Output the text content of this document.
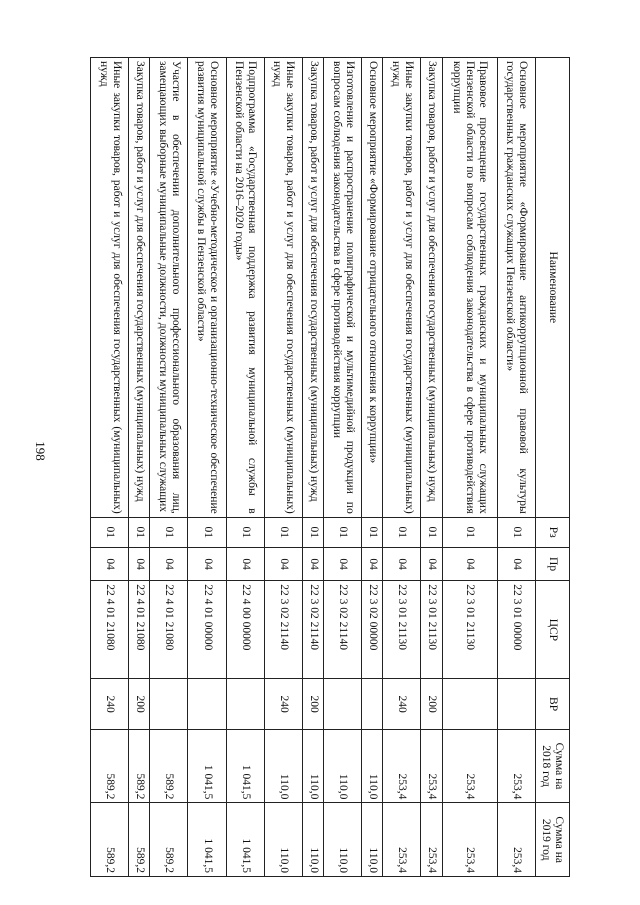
198
Наименование	Рз	Пр	ЦСР	ВР	Сумма на 2018 год	Сумма на 2019 год
Основное мероприятие «Формирование антикоррупционной правовой культуры государственных гражданских служащих Пензенской области»	01	04	22 3 01 00000		253,4	253,4
Правовое просвещение государственных гражданских и муниципальных служащих Пензенской области по вопросам соблюдения законодательства в сфере противодействия коррупции	01	04	22 3 01 21130		253,4	253,4
Закупка товаров, работ и услуг для обеспечения государственных (муниципальных) нужд	01	04	22 3 01 21130	200	253,4	253,4
Иные закупки товаров, работ и услуг для обеспечения государственных (муниципальных) нужд	01	04	22 3 01 21130	240	253,4	253,4
Основное мероприятие «Формирование отрицательного отношения к коррупции»	01	04	22 3 02 00000		110,0	110,0
Изготовление и распространение полиграфической и мультимедийной продукции по вопросам соблюдения законодательства в сфере противодействия коррупции	01	04	22 3 02 21140		110,0	110,0
Закупка товаров, работ и услуг для обеспечения государственных (муниципальных) нужд	01	04	22 3 02 21140	200	110,0	110,0
Иные закупки товаров, работ и услуг для обеспечения государственных (муниципальных) нужд	01	04	22 3 02 21140	240	110,0	110,0
Подпрограмма «Государственная поддержка развития муниципальной службы в Пензенской области на 2016–2020 годы»	01	04	22 4 00 00000		1 041,5	1 041,5
Основное мероприятие «Учебно-методическое и организационно-техническое обеспечение развития муниципальной службы в Пензенской области»	01	04	22 4 01 00000		1 041,5	1 041,5
Участие в обеспечении дополнительного профессионального образования лиц, замещающих выборные муниципальные должности, должности муниципальных служащих	01	04	22 4 01 21080		589,2	589,2
Закупка товаров, работ и услуг для обеспечения государственных (муниципальных) нужд	01	04	22 4 01 21080	200	589,2	589,2
Иные закупки товаров, работ и услуг для обеспечения государственных (муниципальных) нужд	01	04	22 4 01 21080	240	589,2	589,2
